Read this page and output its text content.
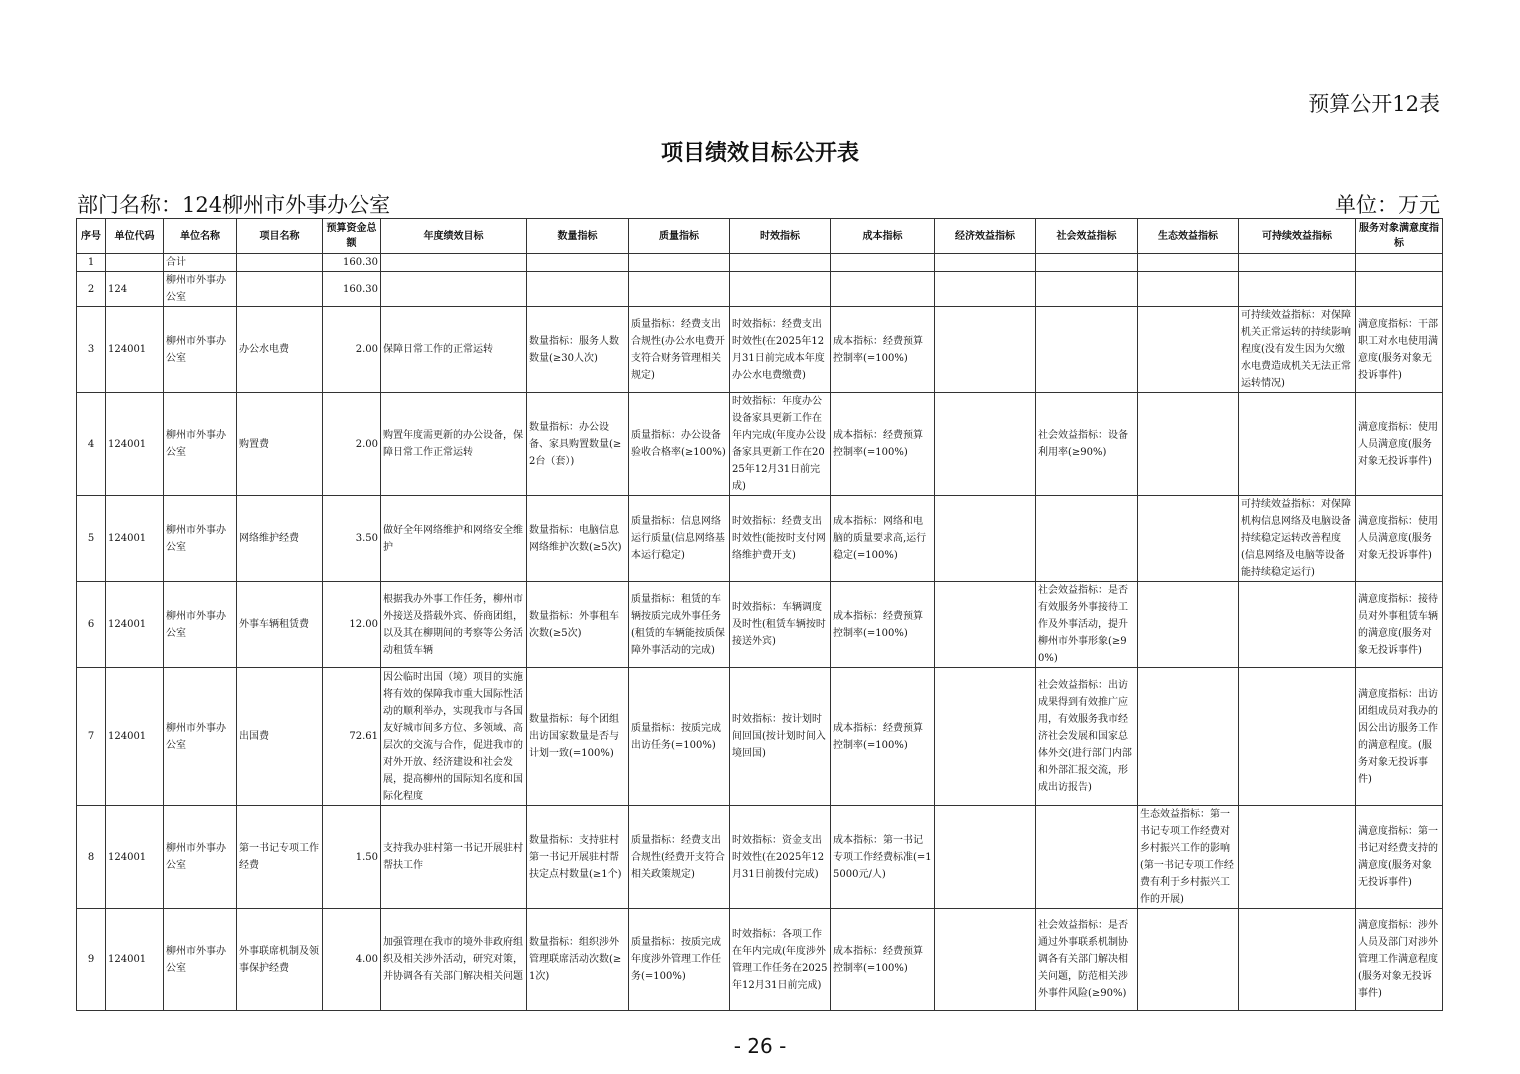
预算公开12表
项目绩效目标公开表
部门名称：124柳州市外事办公室	单位：万元
序号	单位代码	单位名称	项目名称	预算资金总额	年度绩效目标	数量指标	质量指标	时效指标	成本指标	经济效益指标	社会效益指标	生态效益指标	可持续效益指标	服务对象满意度指标
1		合计		160.30										
2	124	柳州市外事办公室		160.30										
3	124001	柳州市外事办公室	办公水电费	2.00	保障日常工作的正常运转	数量指标：服务人数数量(≥30人次)	质量指标：经费支出合规性(办公水电费开支符合财务管理相关规定)	时效指标：经费支出时效性(在2025年12月31日前完成本年度办公水电费缴费)	成本指标：经费预算控制率(=100%)				可持续效益指标：对保障机关正常运转的持续影响程度(没有发生因为欠缴水电费造成机关无法正常运转情况)	满意度指标：干部职工对水电使用满意度(服务对象无投诉事件)
4	124001	柳州市外事办公室	购置费	2.00	购置年度需更新的办公设备，保障日常工作正常运转	数量指标：办公设备、家具购置数量(≥2台（套）)	质量指标：办公设备验收合格率(≥100%)	时效指标：年度办公设备家具更新工作在年内完成(年度办公设备家具更新工作在2025年12月31日前完成)	成本指标：经费预算控制率(=100%)		社会效益指标：设备利用率(≥90%)			满意度指标：使用人员满意度(服务对象无投诉事件)
5	124001	柳州市外事办公室	网络维护经费	3.50	做好全年网络维护和网络安全维护	数量指标：电脑信息网络维护次数(≥5次)	质量指标：信息网络运行质量(信息网络基本运行稳定)	时效指标：经费支出时效性(能按时支付网络维护费开支)	成本指标：网络和电脑的质量要求高,运行稳定(=100%)				可持续效益指标：对保障机构信息网络及电脑设备持续稳定运转改善程度(信息网络及电脑等设备能持续稳定运行)	满意度指标：使用人员满意度(服务对象无投诉事件)
6	124001	柳州市外事办公室	外事车辆租赁费	12.00	根据我办外事工作任务，柳州市外接送及搭载外宾、侨商团组，以及其在柳期间的考察等公务活动租赁车辆	数量指标：外事租车次数(≥5次)	质量指标：租赁的车辆按质完成外事任务(租赁的车辆能按质保障外事活动的完成)	时效指标：车辆调度及时性(租赁车辆按时接送外宾)	成本指标：经费预算控制率(=100%)		社会效益指标：是否有效服务外事接待工作及外事活动，提升柳州市外事形象(≥90%)			满意度指标：接待员对外事租赁车辆的满意度(服务对象无投诉事件)
7	124001	柳州市外事办公室	出国费	72.61	因公临时出国（境）项目的实施将有效的保障我市重大国际性活动的顺利举办，实现我市与各国友好城市间多方位、多领域、高层次的交流与合作，促进我市的对外开放、经济建设和社会发展，提高柳州的国际知名度和国际化程度	数量指标：每个团组出访国家数量是否与计划一致(=100%)	质量指标：按质完成出访任务(=100%)	时效指标：按计划时间回国(按计划时间入境回国)	成本指标：经费预算控制率(=100%)		社会效益指标：出访成果得到有效推广应用，有效服务我市经济社会发展和国家总体外交(进行部门内部和外部汇报交流，形成出访报告)			满意度指标：出访团组成员对我办的因公出访服务工作的满意程度。(服务对象无投诉事件)
8	124001	柳州市外事办公室	第一书记专项工作经费	1.50	支持我办驻村第一书记开展驻村帮扶工作	数量指标：支持驻村第一书记开展驻村帮扶定点村数量(≥1个)	质量指标：经费支出合规性(经费开支符合相关政策规定)	时效指标：资金支出时效性(在2025年12月31日前拨付完成)	成本指标：第一书记专项工作经费标准(=15000元/人)			生态效益指标：第一书记专项工作经费对乡村振兴工作的影响(第一书记专项工作经费有利于乡村振兴工作的开展)		满意度指标：第一书记对经费支持的满意度(服务对象无投诉事件)
9	124001	柳州市外事办公室	外事联席机制及领事保护经费	4.00	加强管理在我市的境外非政府组织及相关涉外活动，研究对策，并协调各有关部门解决相关问题	数量指标：组织涉外管理联席活动次数(≥1次)	质量指标：按质完成年度涉外管理工作任务(=100%)	时效指标：各项工作在年内完成(年度涉外管理工作任务在2025年12月31日前完成)	成本指标：经费预算控制率(=100%)		社会效益指标：是否通过外事联系机制协调各有关部门解决相关问题，防范相关涉外事件风险(≥90%)			满意度指标：涉外人员及部门对涉外管理工作满意程度(服务对象无投诉事件)
- 26 -
